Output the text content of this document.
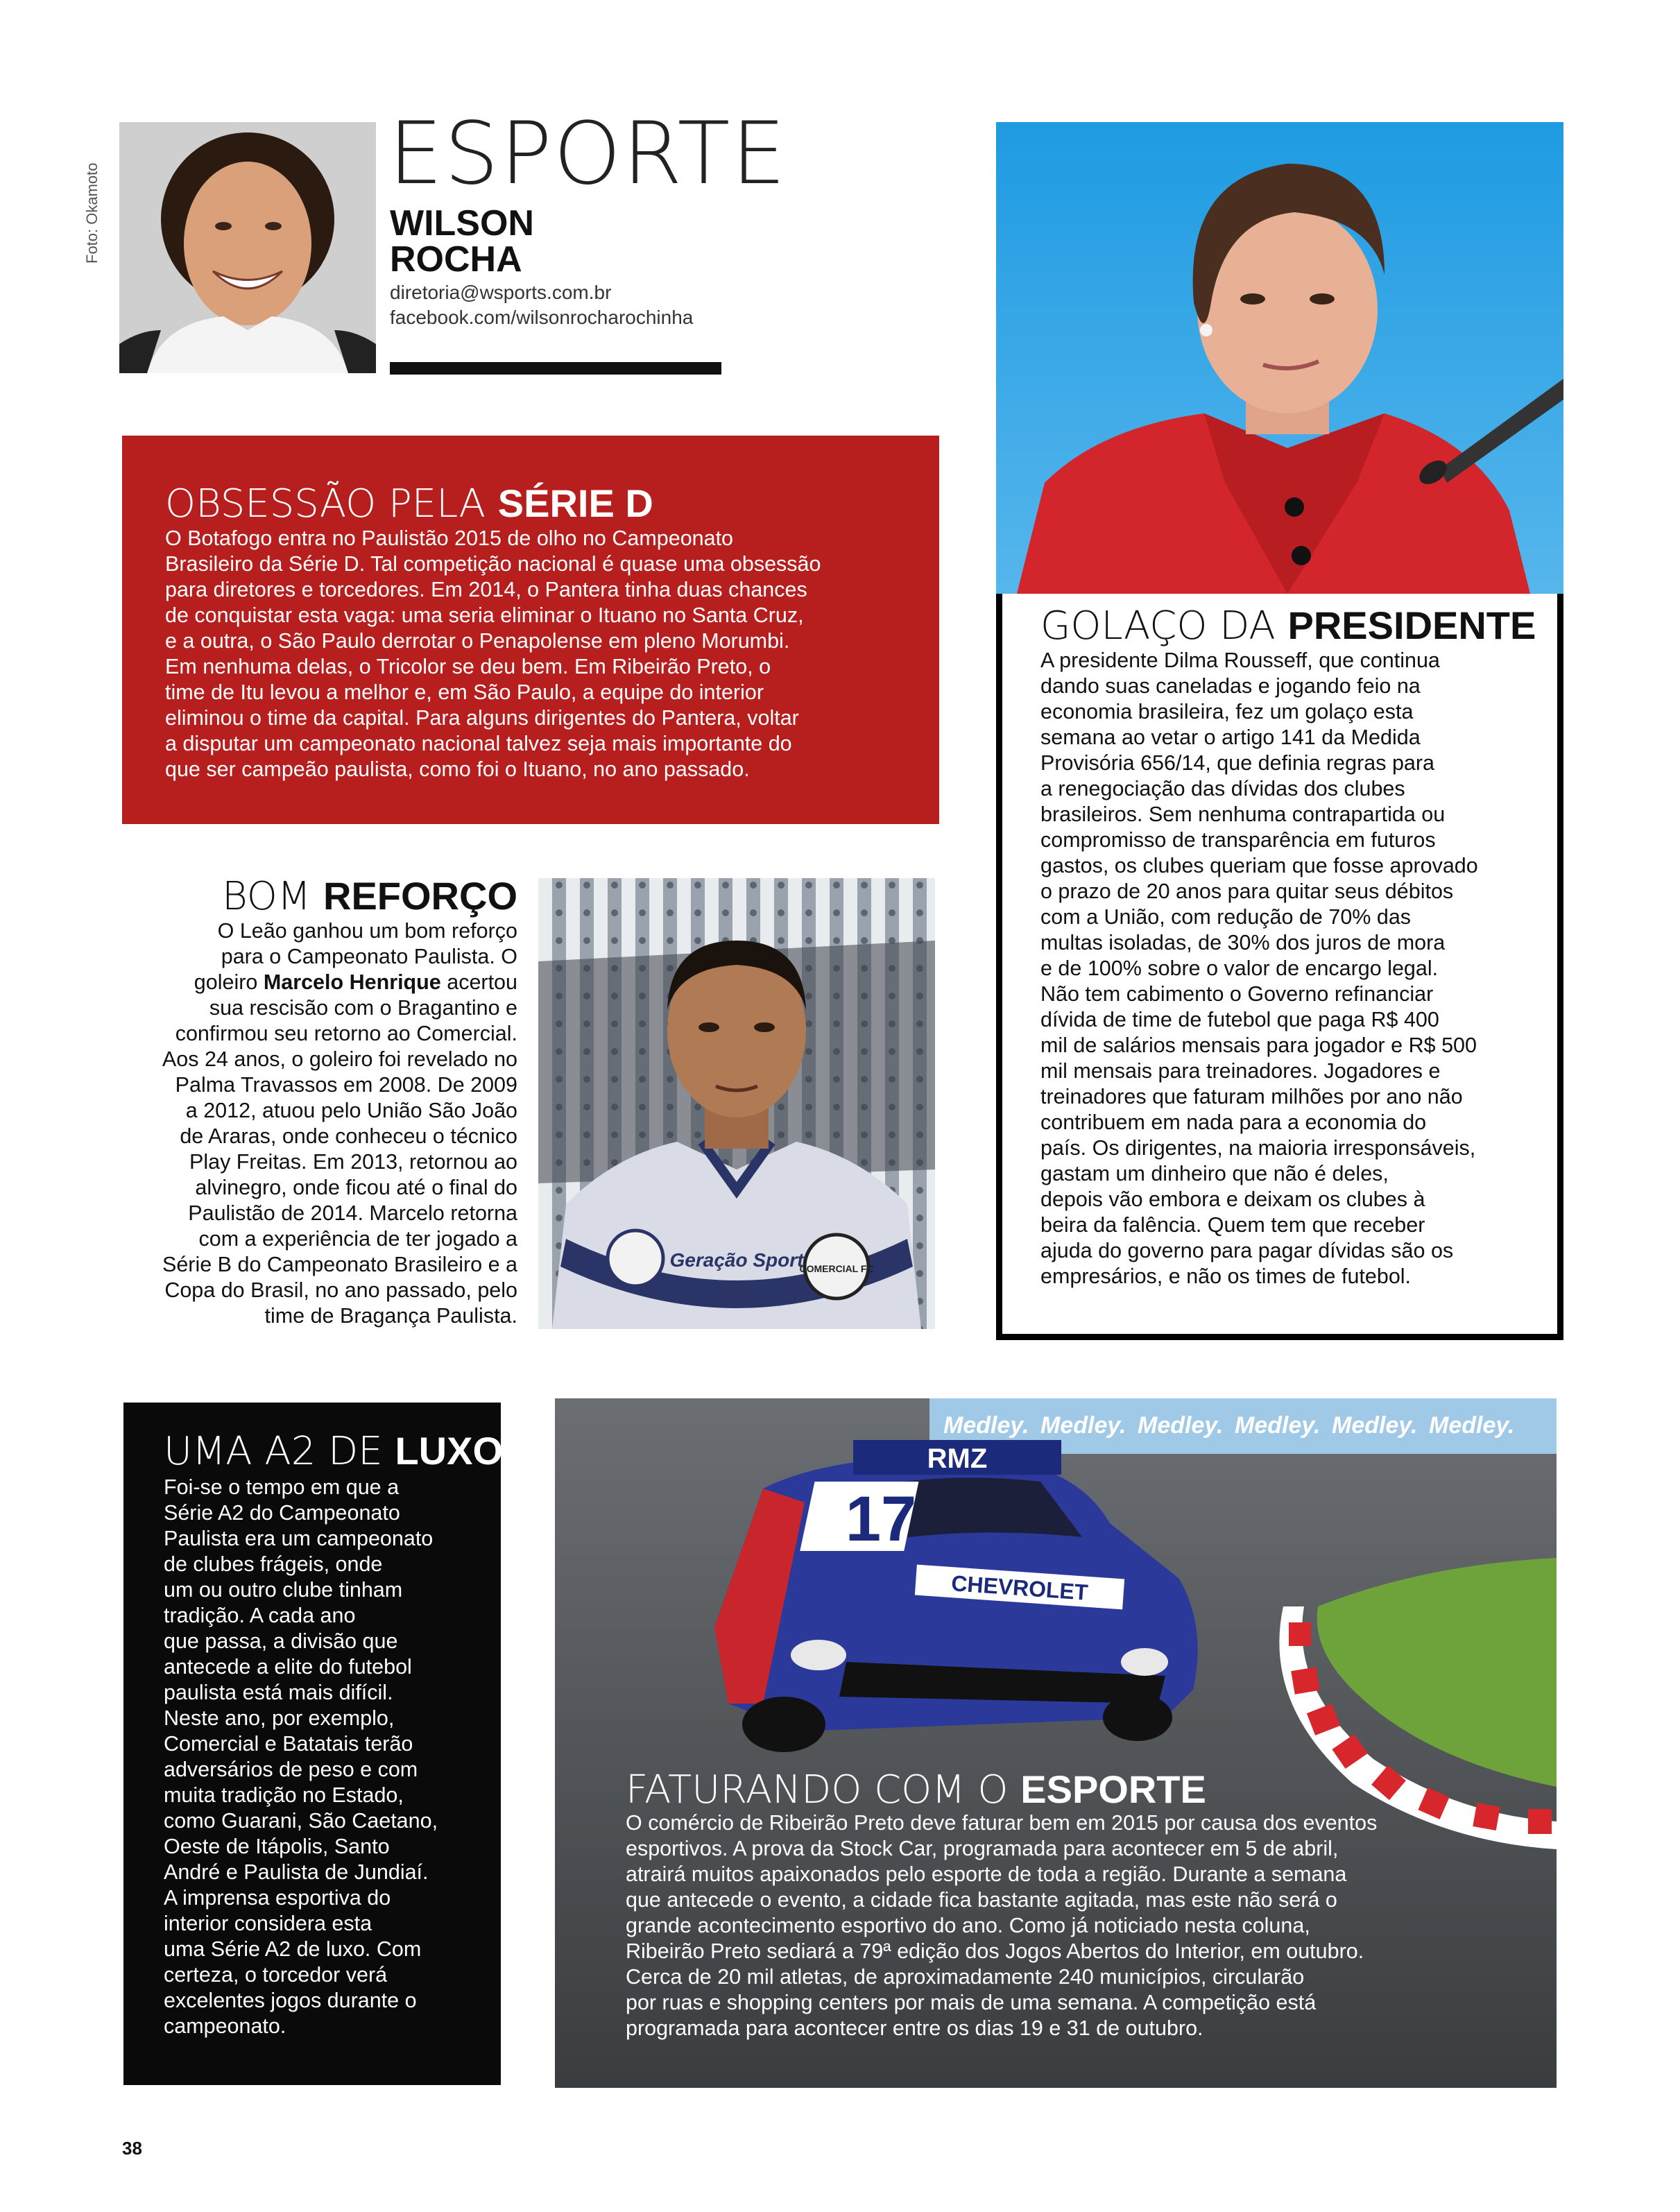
Foto: Okamoto
ESPORTE
WILSON
ROCHA
diretoria@wsports.com.br
facebook.com/wilsonrocharochinha
OBSESSÃO PELA SÉRIE D
O Botafogo entra no Paulistão 2015 de olho no Campeonato
Brasileiro da Série D. Tal competição nacional é quase uma obsessão
para diretores e torcedores. Em 2014, o Pantera tinha duas chances
de conquistar esta vaga: uma seria eliminar o Ituano no Santa Cruz,
e a outra, o São Paulo derrotar o Penapolense em pleno Morumbi.
Em nenhuma delas, o Tricolor se deu bem. Em Ribeirão Preto, o
time de Itu levou a melhor e, em São Paulo, a equipe do interior
eliminou o time da capital. Para alguns dirigentes do Pantera, voltar
a disputar um campeonato nacional talvez seja mais importante do
que ser campeão paulista, como foi o Ituano, no ano passado.
BOM REFORÇO
O Leão ganhou um bom reforço
para o Campeonato Paulista. O
goleiro Marcelo Henrique acertou
sua rescisão com o Bragantino e
confirmou seu retorno ao Comercial.
Aos 24 anos, o goleiro foi revelado no
Palma Travassos em 2008. De 2009
a 2012, atuou pelo União São João
de Araras, onde conheceu o técnico
Play Freitas. Em 2013, retornou ao
alvinegro, onde ficou até o final do
Paulistão de 2014. Marcelo retorna
com a experiência de ter jogado a
Série B do Campeonato Brasileiro e a
Copa do Brasil, no ano passado, pelo
time de Bragança Paulista.
COMERCIAL FC
Geração Sport
GOLAÇO DA PRESIDENTE
A presidente Dilma Rousseff, que continua
dando suas caneladas e jogando feio na
economia brasileira, fez um golaço esta
semana ao vetar o artigo 141 da Medida
Provisória 656/14, que definia regras para
a renegociação das dívidas dos clubes
brasileiros. Sem nenhuma contrapartida ou
compromisso de transparência em futuros
gastos, os clubes queriam que fosse aprovado
o prazo de 20 anos para quitar seus débitos
com a União, com redução de 70% das
multas isoladas, de 30% dos juros de mora
e de 100% sobre o valor de encargo legal.
Não tem cabimento o Governo refinanciar
dívida de time de futebol que paga R$ 400
mil de salários mensais para jogador e R$ 500
mil mensais para treinadores. Jogadores e
treinadores que faturam milhões por ano não
contribuem em nada para a economia do
país. Os dirigentes, na maioria irresponsáveis,
gastam um dinheiro que não é deles,
depois vão embora e deixam os clubes à
beira da falência. Quem tem que receber
ajuda do governo para pagar dívidas são os
empresários, e não os times de futebol.
UMA A2 DE LUXO
Foi-se o tempo em que a
Série A2 do Campeonato
Paulista era um campeonato
de clubes frágeis, onde
um ou outro clube tinham
tradição. A cada ano
que passa, a divisão que
antecede a elite do futebol
paulista está mais difícil.
Neste ano, por exemplo,
Comercial e Batatais terão
adversários de peso e com
muita tradição no Estado,
como Guarani, São Caetano,
Oeste de Itápolis, Santo
André e Paulista de Jundiaí.
A imprensa esportiva do
interior considera esta
uma Série A2 de luxo. Com
certeza, o torcedor verá
excelentes jogos durante o
campeonato.
Medley. Medley. Medley. Medley. Medley. Medley.
17
RMZ
CHEVROLET
FATURANDO COM O ESPORTE
O comércio de Ribeirão Preto deve faturar bem em 2015 por causa dos eventos
esportivos. A prova da Stock Car, programada para acontecer em 5 de abril,
atrairá muitos apaixonados pelo esporte de toda a região. Durante a semana
que antecede o evento, a cidade fica bastante agitada, mas este não será o
grande acontecimento esportivo do ano. Como já noticiado nesta coluna,
Ribeirão Preto sediará a 79ª edição dos Jogos Abertos do Interior, em outubro.
Cerca de 20 mil atletas, de aproximadamente 240 municípios, circularão
por ruas e shopping centers por mais de uma semana. A competição está
programada para acontecer entre os dias 19 e 31 de outubro.
38
